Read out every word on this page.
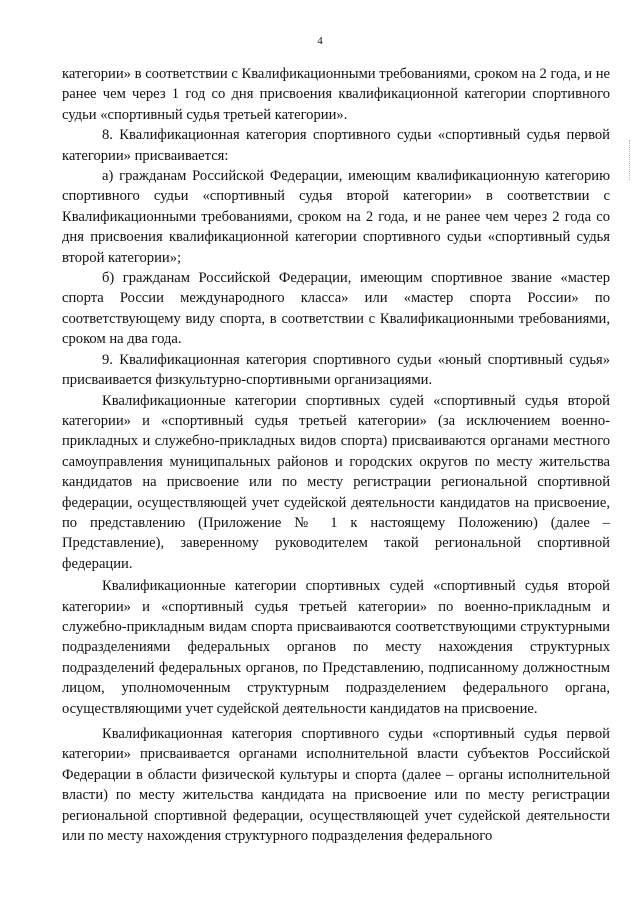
4

категории» в соответствии с Квалификационными требованиями, сроком на 2 года, и не ранее чем через 1 год со дня присвоения квалификационной категории спортивного судьи «спортивный судья третьей категории».

8. Квалификационная категория спортивного судьи «спортивный судья первой категории» присваивается:

а) гражданам Российской Федерации, имеющим квалификационную категорию спортивного судьи «спортивный судья второй категории» в соответствии с Квалификационными требованиями, сроком на 2 года, и не ранее чем через 2 года со дня присвоения квалификационной категории спортивного судьи «спортивный судья второй категории»;

б) гражданам Российской Федерации, имеющим спортивное звание «мастер спорта России международного класса» или «мастер спорта России» по соответствующему виду спорта, в соответствии с Квалификационными требованиями, сроком на два года.

9. Квалификационная категория спортивного судьи «юный спортивный судья» присваивается физкультурно-спортивными организациями.

Квалификационные категории спортивных судей «спортивный судья второй категории» и «спортивный судья третьей категории» (за исключением военно-прикладных и служебно-прикладных видов спорта) присваиваются органами местного самоуправления муниципальных районов и городских округов по месту жительства кандидатов на присвоение или по месту регистрации региональной спортивной федерации, осуществляющей учет судейской деятельности кандидатов на присвоение, по представлению (Приложение № 1 к настоящему Положению) (далее – Представление), заверенному руководителем такой региональной спортивной федерации.

Квалификационные категории спортивных судей «спортивный судья второй категории» и «спортивный судья третьей категории» по военно-прикладным и служебно-прикладным видам спорта присваиваются соответствующими структурными подразделениями федеральных органов по месту нахождения структурных подразделений федеральных органов, по Представлению, подписанному должностным лицом, уполномоченным структурным подразделением федерального органа, осуществляющими учет судейской деятельности кандидатов на присвоение.

Квалификационная категория спортивного судьи «спортивный судья первой категории» присваивается органами исполнительной власти субъектов Российской Федерации в области физической культуры и спорта (далее – органы исполнительной власти) по месту жительства кандидата на присвоение или по месту регистрации региональной спортивной федерации, осуществляющей учет судейской деятельности или по месту нахождения структурного подразделения федерального
